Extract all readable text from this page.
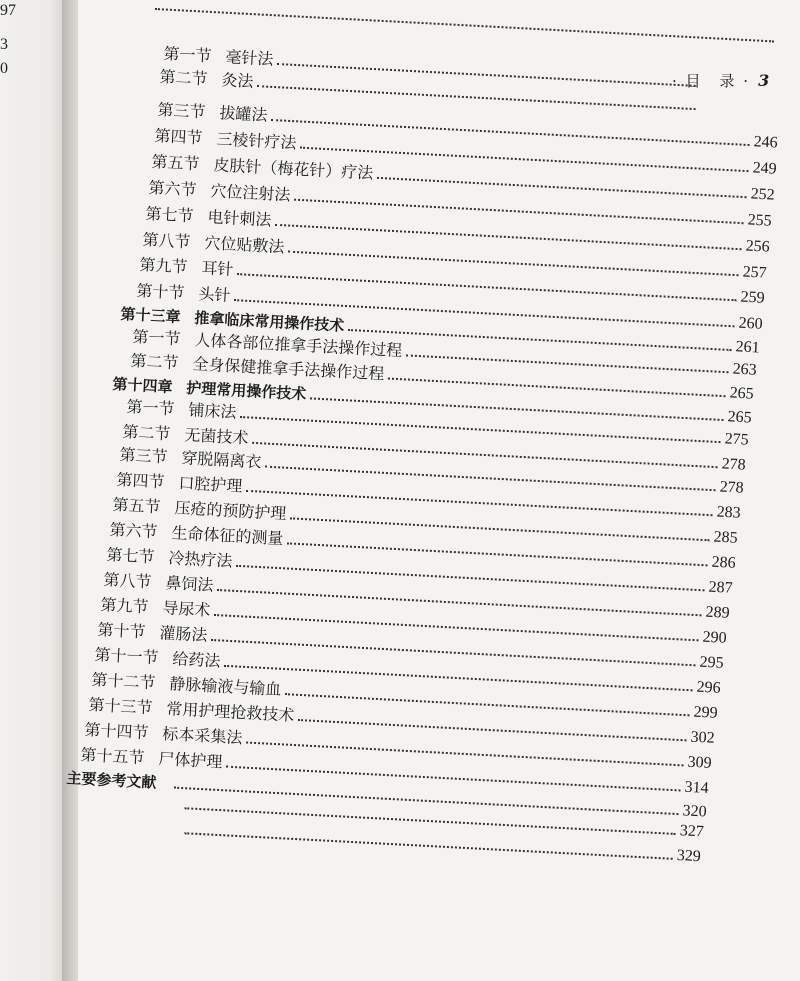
97
3
0
· 目　录 · 3
第一节 毫针法
第二节 灸法
第三节 拔罐法
246
第四节 三棱针疗法
249
第五节 皮肤针（梅花针）疗法
252
第六节 穴位注射法
255
第七节 电针刺法
256
第八节 穴位贴敷法
257
第九节 耳针
259
第十节 头针
260
第十三章 推拿临床常用操作技术
261
第一节 人体各部位推拿手法操作过程
263
第二节 全身保健推拿手法操作过程
265
第十四章 护理常用操作技术
265
第一节 铺床法
275
第二节 无菌技术
278
第三节 穿脱隔离衣
278
第四节 口腔护理
283
第五节 压疮的预防护理
285
第六节 生命体征的测量
286
第七节 冷热疗法
287
第八节 鼻饲法
289
第九节 导尿术
290
第十节 灌肠法
295
第十一节 给药法
296
第十二节 静脉输液与输血
299
第十三节 常用护理抢救技术
302
第十四节 标本采集法
309
第十五节 尸体护理
314
主要参考文献
320
327
329
